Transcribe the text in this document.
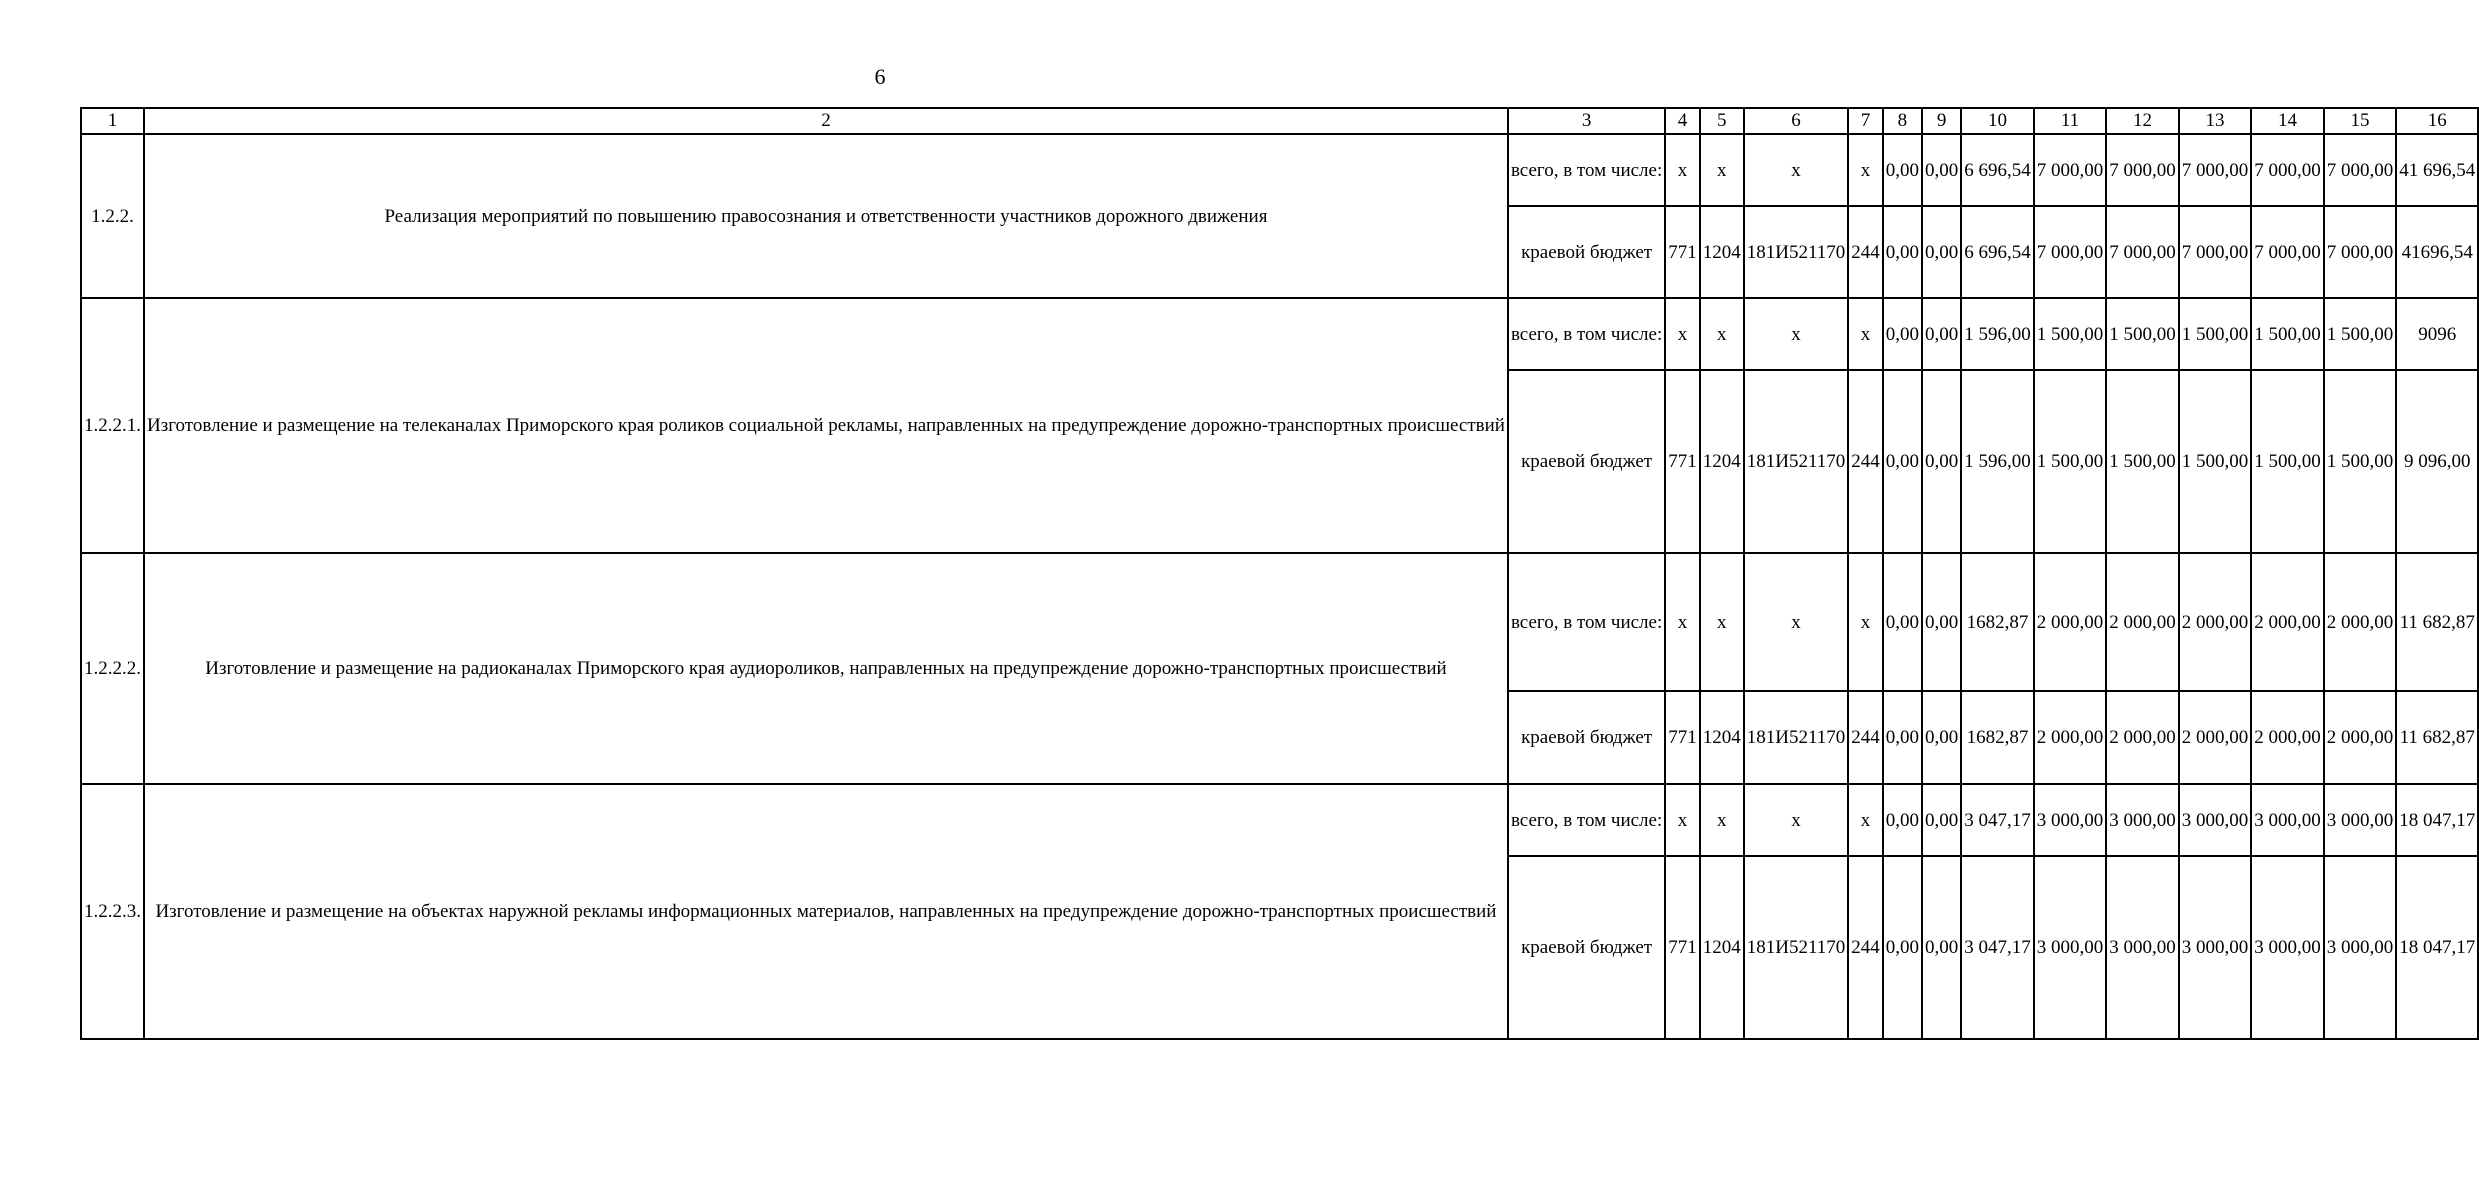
6
1	2	3	4	5	6	7	8	9	10	11	12	13	14	15	16
1.2.2.	Реализация мероприятий по повышению правосознания и ответственности участников дорожного движения	всего, в том числе:	х	х	х	х	0,00	0,00	6 696,54	7 000,00	7 000,00	7 000,00	7 000,00	7 000,00	41 696,54
		краевой бюджет	771	1204	181И521170	244	0,00	0,00	6 696,54	7 000,00	7 000,00	7 000,00	7 000,00	7 000,00	41696,54
1.2.2.1.	Изготовление и размещение на телеканалах Приморского края роликов социальной рекламы, направленных на предупреждение дорожно-транспортных происшествий	всего, в том числе:	х	х	х	х	0,00	0,00	1 596,00	1 500,00	1 500,00	1 500,00	1 500,00	1 500,00	9096
		краевой бюджет	771	1204	181И521170	244	0,00	0,00	1 596,00	1 500,00	1 500,00	1 500,00	1 500,00	1 500,00	9 096,00
1.2.2.2.	Изготовление и размещение на радиоканалах Приморского края аудиороликов, направленных на предупреждение дорожно-транспортных происшествий	всего, в том числе:	х	х	х	х	0,00	0,00	1682,87	2 000,00	2 000,00	2 000,00	2 000,00	2 000,00	11 682,87
		краевой бюджет	771	1204	181И521170	244	0,00	0,00	1682,87	2 000,00	2 000,00	2 000,00	2 000,00	2 000,00	11 682,87
1.2.2.3.	Изготовление и размещение на объектах наружной рекламы информационных материалов, направленных на предупреждение дорожно-транспортных происшествий	всего, в том числе:	х	х	х	х	0,00	0,00	3 047,17	3 000,00	3 000,00	3 000,00	3 000,00	3 000,00	18 047,17
		краевой бюджет	771	1204	181И521170	244	0,00	0,00	3 047,17	3 000,00	3 000,00	3 000,00	3 000,00	3 000,00	18 047,17
